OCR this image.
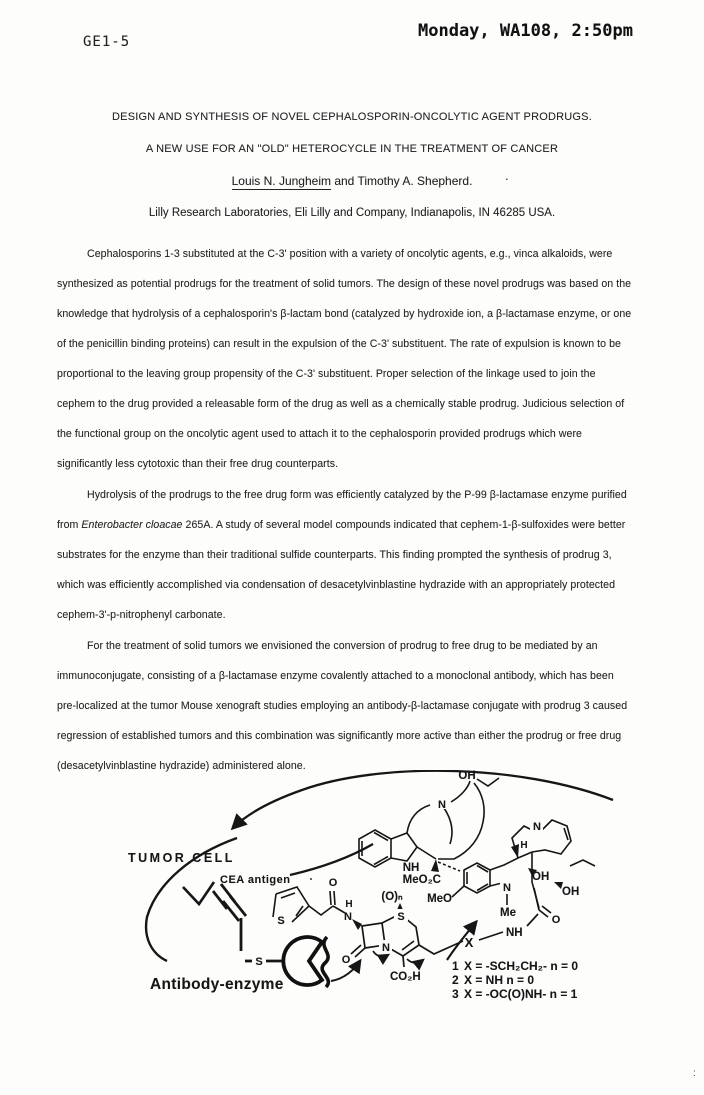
GE1-5
Monday, WA108, 2:50pm
DESIGN AND SYNTHESIS OF NOVEL CEPHALOSPORIN-ONCOLYTIC AGENT PRODRUGS.
A NEW USE FOR AN "OLD" HETEROCYCLE IN THE TREATMENT OF CANCER
Louis N. Jungheim and Timothy A. Shepherd.	.
Lilly Research Laboratories, Eli Lilly and Company, Indianapolis, IN 46285 USA.
Cephalosporins 1-3 substituted at the C-3' position with a variety of oncolytic agents, e.g., vinca alkaloids, were
synthesized as potential prodrugs for the treatment of solid tumors. The design of these novel prodrugs was based on the
knowledge that hydrolysis of a cephalosporin's β-lactam bond (catalyzed by hydroxide ion, a β-lactamase enzyme, or one
of the penicillin binding proteins) can result in the expulsion of the C-3' substituent. The rate of expulsion is known to be
proportional to the leaving group propensity of the C-3' substituent. Proper selection of the linkage used to join the
cephem to the drug provided a releasable form of the drug as well as a chemically stable prodrug. Judicious selection of
the functional group on the oncolytic agent used to attach it to the cephalosporin provided prodrugs which were
significantly less cytotoxic than their free drug counterparts.
Hydrolysis of the prodrugs to the free drug form was efficiently catalyzed by the P-99 β-lactamase enzyme purified
from Enterobacter cloacae 265A. A study of several model compounds indicated that cephem-1-β-sulfoxides were better
substrates for the enzyme than their traditional sulfide counterparts. This finding prompted the synthesis of prodrug 3,
which was efficiently accomplished via condensation of desacetylvinblastine hydrazide with an appropriately protected
cephem-3'-p-nitrophenyl carbonate.
For the treatment of solid tumors we envisioned the conversion of prodrug to free drug to be mediated by an
immunoconjugate, consisting of a β-lactamase enzyme covalently attached to a monoclonal antibody, which has been
pre-localized at the tumor Mouse xenograft studies employing an antibody-β-lactamase conjugate with prodrug 3 caused
regression of established tumors and this combination was significantly more active than either the prodrug or free drug
(desacetylvinblastine hydrazide) administered alone.
S
TUMOR CELL
CEA antigen
Antibody-enzyme
S
O
H
N
O
N
S
(O)ₙ
CO₂H
X
NH
O
N
OH
NH
MeO₂C
N
Me
MeO
N
H
OH
OH
1 X = -SCH₂CH₂- n = 0
2 X = NH n = 0
3 X = -OC(O)NH- n = 1
:
